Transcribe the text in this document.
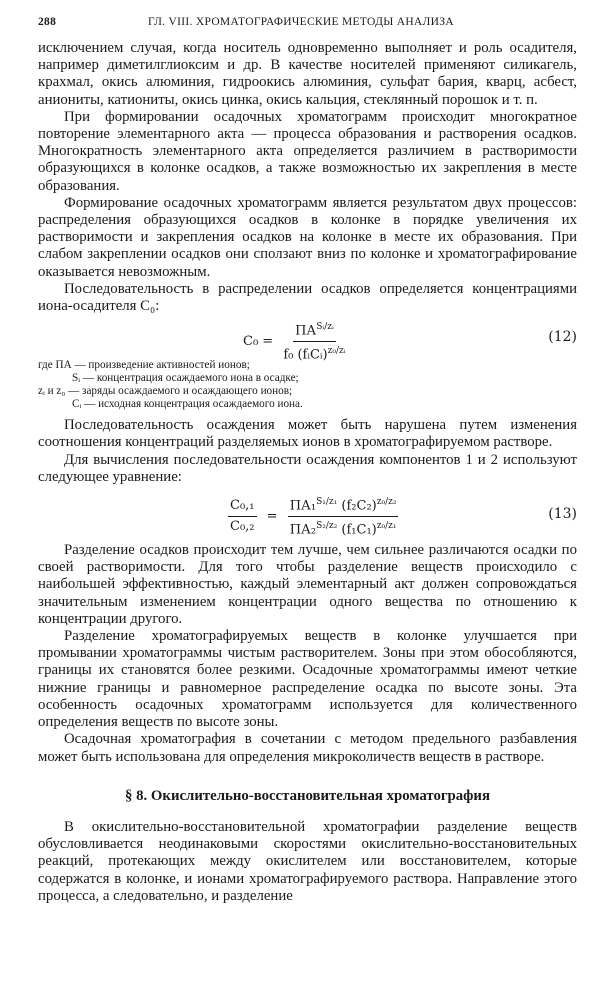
288	ГЛ. VIII. ХРОМАТОГРАФИЧЕСКИЕ МЕТОДЫ АНАЛИЗА

исключением случая, когда носитель одновременно выполняет и роль осадителя, например диметилглиоксим и др. В качестве носителей применяют силикагель, крахмал, окись алюминия, гидроокись алюминия, сульфат бария, кварц, асбест, аниониты, катиониты, окись цинка, окись кальция, стеклянный порошок и т. п.

При формировании осадочных хроматограмм происходит многократное повторение элементарного акта — процесса образования и растворения осадков. Многократность элементарного акта определяется различием в растворимости образующихся в колонке осадков, а также возможностью их закрепления в месте образования.

Формирование осадочных хроматограмм является результатом двух процессов: распределения образующихся осадков в колонке в порядке увеличения их растворимости и закрепления осадков на колонке в месте их образования. При слабом закреплении осадков они сползают вниз по колонке и хроматографирование оказывается невозможным.

Последовательность в распределении осадков определяется концентрациями иона-осадителя C₀:

$C_0 = \frac{ПА^{Sᵢ/zᵢ}}{f_0 (fᵢCᵢ)^{z_0/zᵢ}}$	(12)
где ПА — произведение активностей ионов;
Sᵢ — концентрация осаждаемого иона в осадке;
zᵢ и z₀ — заряды осаждаемого и осаждающего ионов;
Cᵢ — исходная концентрация осаждаемого иона.

Последовательность осаждения может быть нарушена путем изменения соотношения концентраций разделяемых ионов в хроматографируемом растворе.

Для вычисления последовательности осаждения компонентов 1 и 2 используют следующее уравнение:

$\frac{\text{C₀,₁}}{\text{C₀,₂}} = \frac{ПА_1^{S_1/z_1} (f_2C_2)^{z_0/z_2}}{ПА_2^{S_2/z_2} (f_1C_1)^{z_0/z_1}}$	(13)

Разделение осадков происходит тем лучше, чем сильнее различаются осадки по своей растворимости. Для того чтобы разделение веществ происходило с наибольшей эффективностью, каждый элементарный акт должен сопровождаться значительным изменением концентрации одного вещества по отношению к концентрации другого.

Разделение хроматографируемых веществ в колонке улучшается при промывании хроматограммы чистым растворителем. Зоны при этом обособляются, границы их становятся более резкими. Осадочные хроматограммы имеют четкие нижние границы и равномерное распределение осадка по высоте зоны. Эта особенность осадочных хроматограмм используется для количественного определения веществ по высоте зоны.

Осадочная хроматография в сочетании с методом предельного разбавления может быть использована для определения микроколичеств веществ в растворе.

§ 8. Окислительно-восстановительная хроматография

В окислительно-восстановительной хроматографии разделение веществ обусловливается неодинаковыми скоростями окислительно-восстановительных реакций, протекающих между окислителем или восстановителем, которые содержатся в колонке, и ионами хроматографируемого раствора. Направление этого процесса, а следовательно, и разделение
